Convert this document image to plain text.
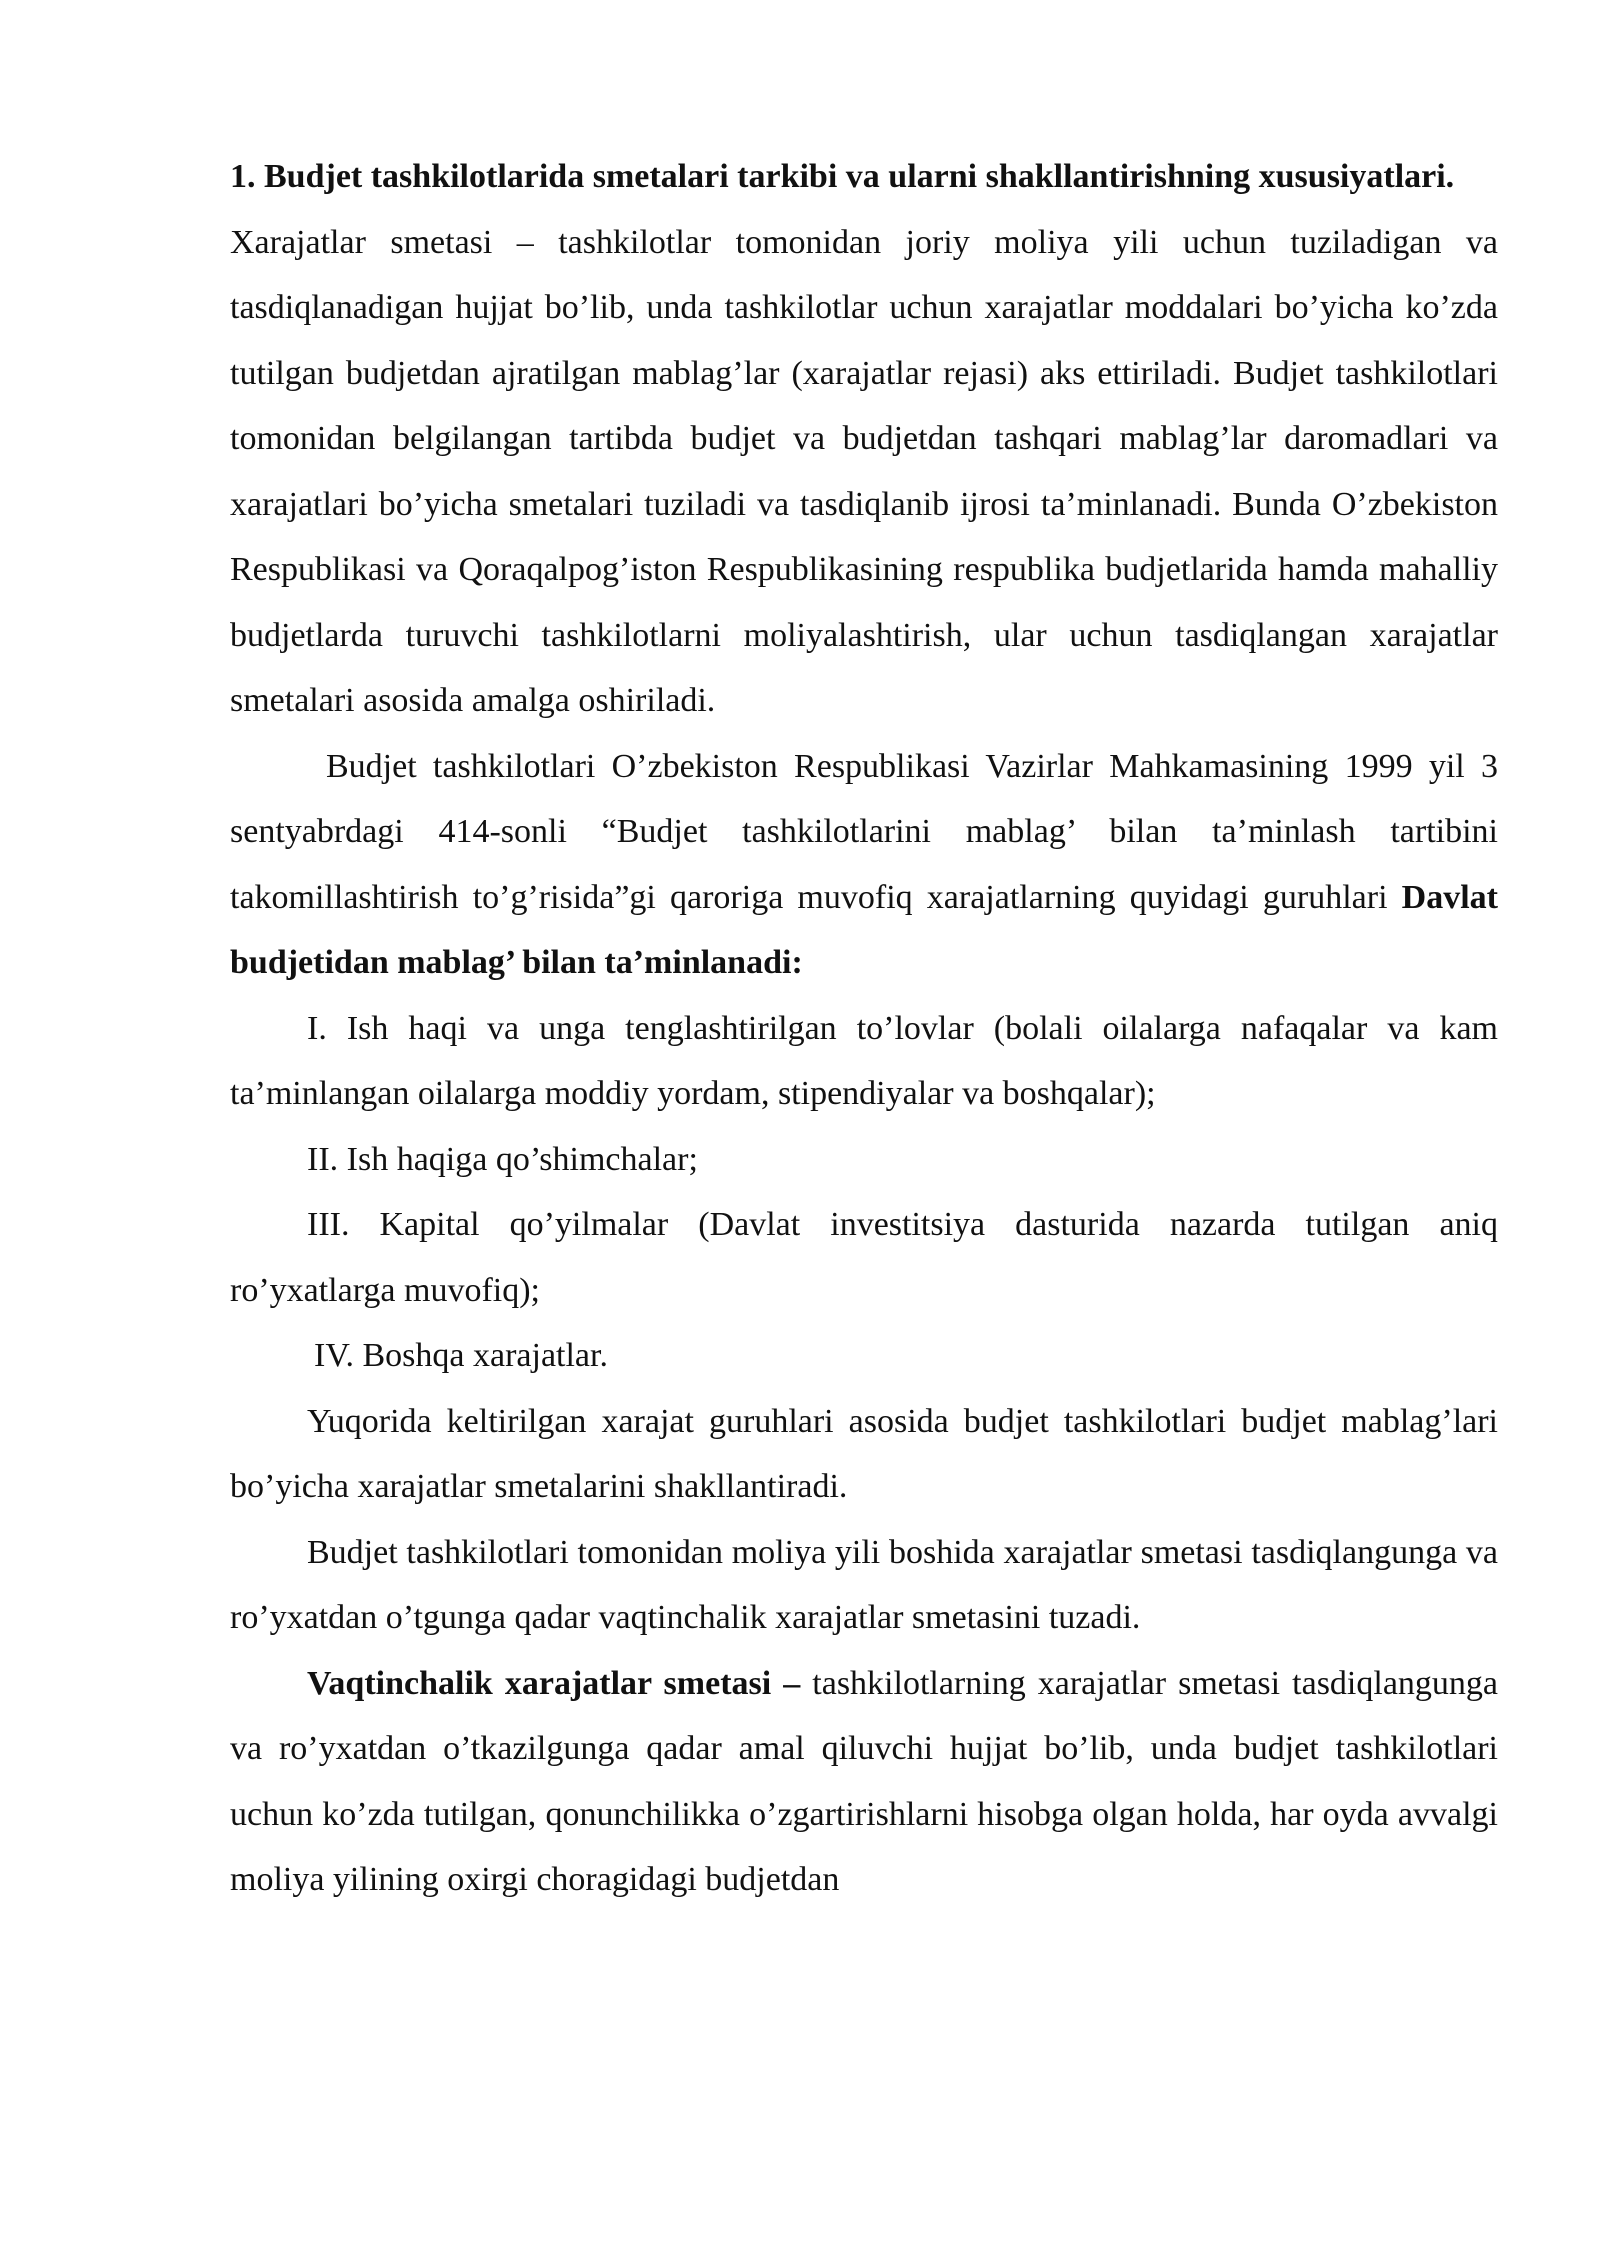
1. Budjet tashkilotlarida smetalari tarkibi va ularni shakllantirishning xususiyatlari.

Xarajatlar smetasi – tashkilotlar tomonidan joriy moliya yili uchun tuziladigan va tasdiqlanadigan hujjat bo’lib, unda tashkilotlar uchun xarajatlar moddalari bo’yicha ko’zda tutilgan budjetdan ajratilgan mablag’lar (xarajatlar rejasi) aks ettiriladi. Budjet tashkilotlari tomonidan belgilangan tartibda budjet va budjetdan tashqari mablag’lar daromadlari va xarajatlari bo’yicha smetalari tuziladi va tasdiqlanib ijrosi ta’minlanadi. Bunda O’zbekiston Respublikasi va Qoraqalpog’iston Respublikasining respublika budjetlarida hamda mahalliy budjetlarda turuvchi tashkilotlarni moliyalashtirish, ular uchun tasdiqlangan xarajatlar smetalari asosida amalga oshiriladi.

Budjet tashkilotlari O’zbekiston Respublikasi Vazirlar Mahkamasining 1999 yil 3 sentyabrdagi 414-sonli “Budjet tashkilotlarini mablag’ bilan ta’minlash tartibini takomillashtirish to’g’risida”gi qaroriga muvofiq xarajatlarning quyidagi guruhlari Davlat budjetidan mablag’ bilan ta’minlanadi:

I. Ish haqi va unga tenglashtirilgan to’lovlar (bolali oilalarga nafaqalar va kam ta’minlangan oilalarga moddiy yordam, stipendiyalar va boshqalar);

II. Ish haqiga qo’shimchalar;

III. Kapital qo’yilmalar (Davlat investitsiya dasturida nazarda tutilgan aniq ro’yxatlarga muvofiq);

IV. Boshqa xarajatlar.

Yuqorida keltirilgan xarajat guruhlari asosida budjet tashkilotlari budjet mablag’lari bo’yicha xarajatlar smetalarini shakllantiradi.

Budjet tashkilotlari tomonidan moliya yili boshida xarajatlar smetasi tasdiqlangunga va ro’yxatdan o’tgunga qadar vaqtinchalik xarajatlar smetasini tuzadi.

Vaqtinchalik xarajatlar smetasi – tashkilotlarning xarajatlar smetasi tasdiqlangunga va ro’yxatdan o’tkazilgunga qadar amal qiluvchi hujjat bo’lib, unda budjet tashkilotlari uchun ko’zda tutilgan, qonunchilikka o’zgartirishlarni hisobga olgan holda, har oyda avvalgi moliya yilining oxirgi choragidagi budjetdan
